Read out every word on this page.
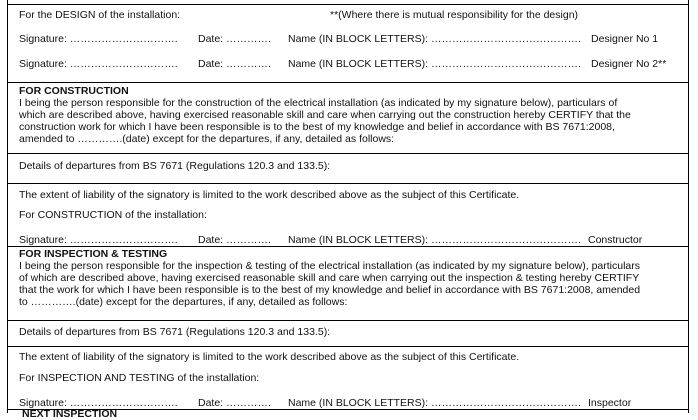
For the DESIGN of the installation:	**(Where there is mutual responsibility for the design)
Signature: …………………………. Date: …………. Name (IN BLOCK LETTERS): ……………………………………. Designer No 1
Signature: …………………………. Date: …………. Name (IN BLOCK LETTERS): ……………………………………. Designer No 2**
FOR CONSTRUCTION
I being the person responsible for the construction of the electrical installation (as indicated by my signature below), particulars of
which are described above, having exercised reasonable skill and care when carrying out the construction hereby CERTIFY that the
construction work for which I have been responsible is to the best of my knowledge and belief in accordance with BS 7671:2008,
amended to ………….(date) except for the departures, if any, detailed as follows:
Details of departures from BS 7671 (Regulations 120.3 and 133.5):
The extent of liability of the signatory is limited to the work described above as the subject of this Certificate.
For CONSTRUCTION of the installation:
Signature: …………………………. Date: …………. Name (IN BLOCK LETTERS): ……………………………………. Constructor
FOR INSPECTION & TESTING
I being the person responsible for the inspection & testing of the electrical installation (as indicated by my signature below), particulars
of which are described above, having exercised reasonable skill and care when carrying out the inspection & testing hereby CERTIFY
that the work for which I have been responsible is to the best of my knowledge and belief in accordance with BS 7671:2008, amended
to ………….(date) except for the departures, if any, detailed as follows:
Details of departures from BS 7671 (Regulations 120.3 and 133.5):
The extent of liability of the signatory is limited to the work described above as the subject of this Certificate.
For INSPECTION AND TESTING of the installation:
Signature: …………………………. Date: …………. Name (IN BLOCK LETTERS): ……………………………………. Inspector
NEXT INSPECTION
